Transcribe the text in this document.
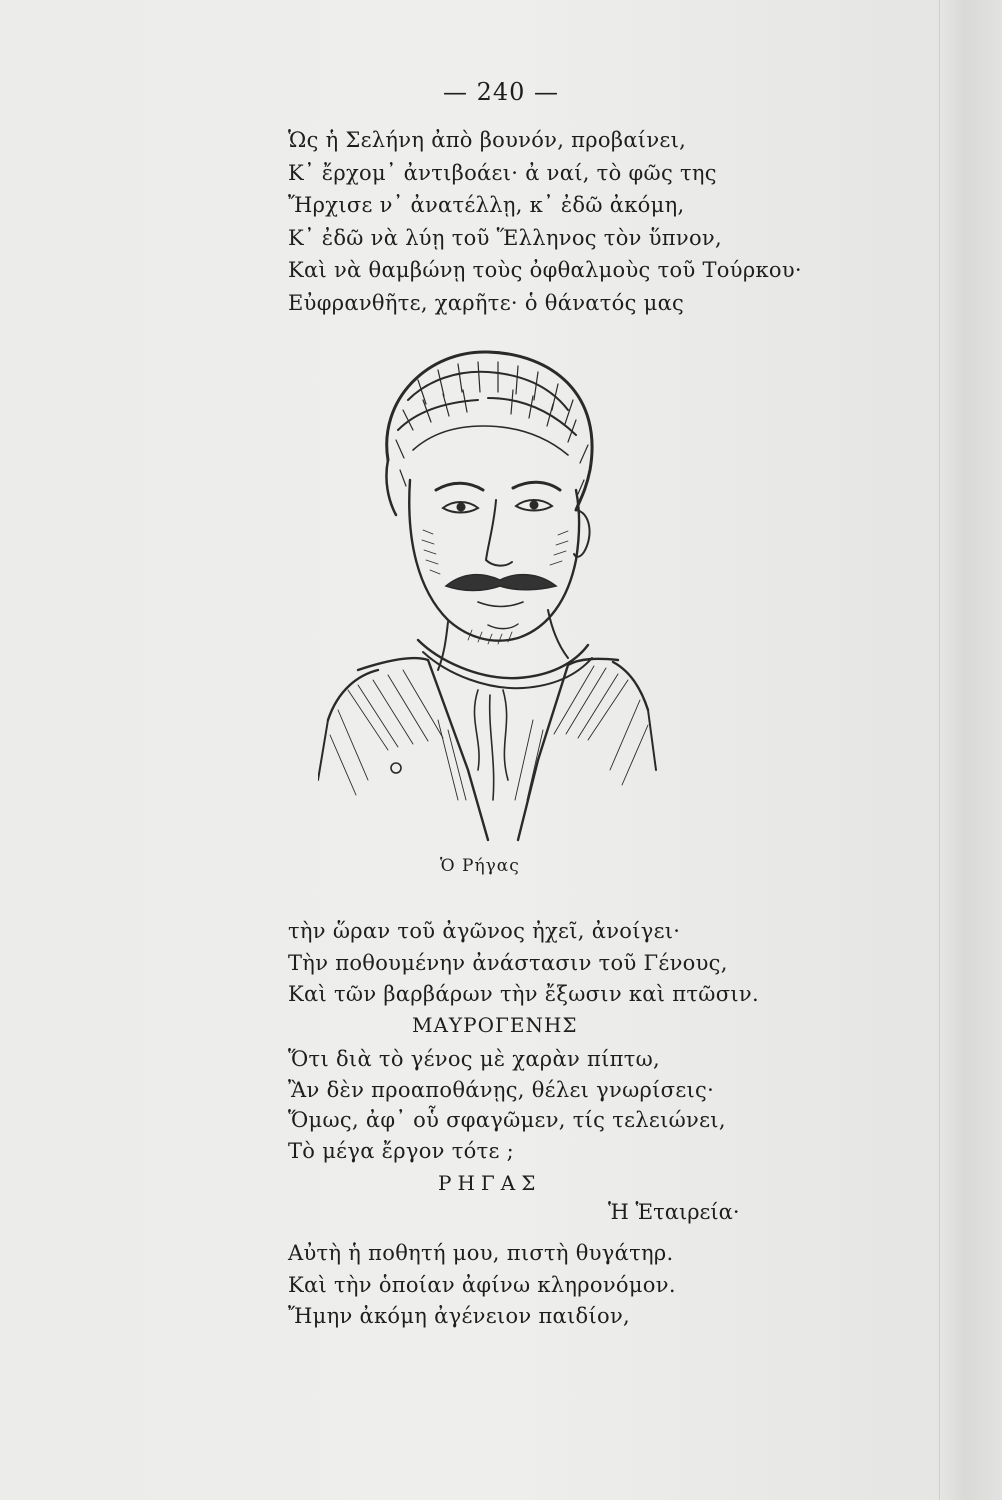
— 240 —
Ὡς ἡ Σελήνη ἀπὸ βουνόν, προβαίνει,
Κ᾽ ἔρχομ᾽ ἀντιβοάει· ἀ ναί, τὸ φῶς της
Ἤρχισε ν᾽ ἀνατέλλῃ, κ᾽ ἐδῶ ἀκόμη,
Κ᾽ ἐδῶ νὰ λύῃ τοῦ Ἕλληνος τὸν ὕπνον,
Καὶ νὰ θαμβώνῃ τοὺς ὀφθαλμοὺς τοῦ Τούρκου·
Εὐφρανθῆτε, χαρῆτε· ὁ θάνατός μας
Ὁ Ρήγας
τὴν ὥραν τοῦ ἀγῶνος ἠχεῖ, ἀνοίγει·
Τὴν ποθουμένην ἀνάστασιν τοῦ Γένους,
Καὶ τῶν βαρβάρων τὴν ἔξωσιν καὶ πτῶσιν.
ΜΑΥΡΟΓΕΝΗΣ
Ὅτι διὰ τὸ γένος μὲ χαρὰν πίπτω,
Ἂν δὲν προαποθάνῃς, θέλει γνωρίσεις·
Ὅμως, ἀφ᾽ οὗ σφαγῶμεν, τίς τελειώνει,
Τὸ μέγα ἔργον τότε ;
ΡΗΓΑΣ
Ἡ Ἑταιρεία·
Αὐτὴ ἡ ποθητή μου, πιστὴ θυγάτηρ.
Καὶ τὴν ὁποίαν ἀφίνω κληρονόμον.
Ἤμην ἀκόμη ἀγένειον παιδίον,
